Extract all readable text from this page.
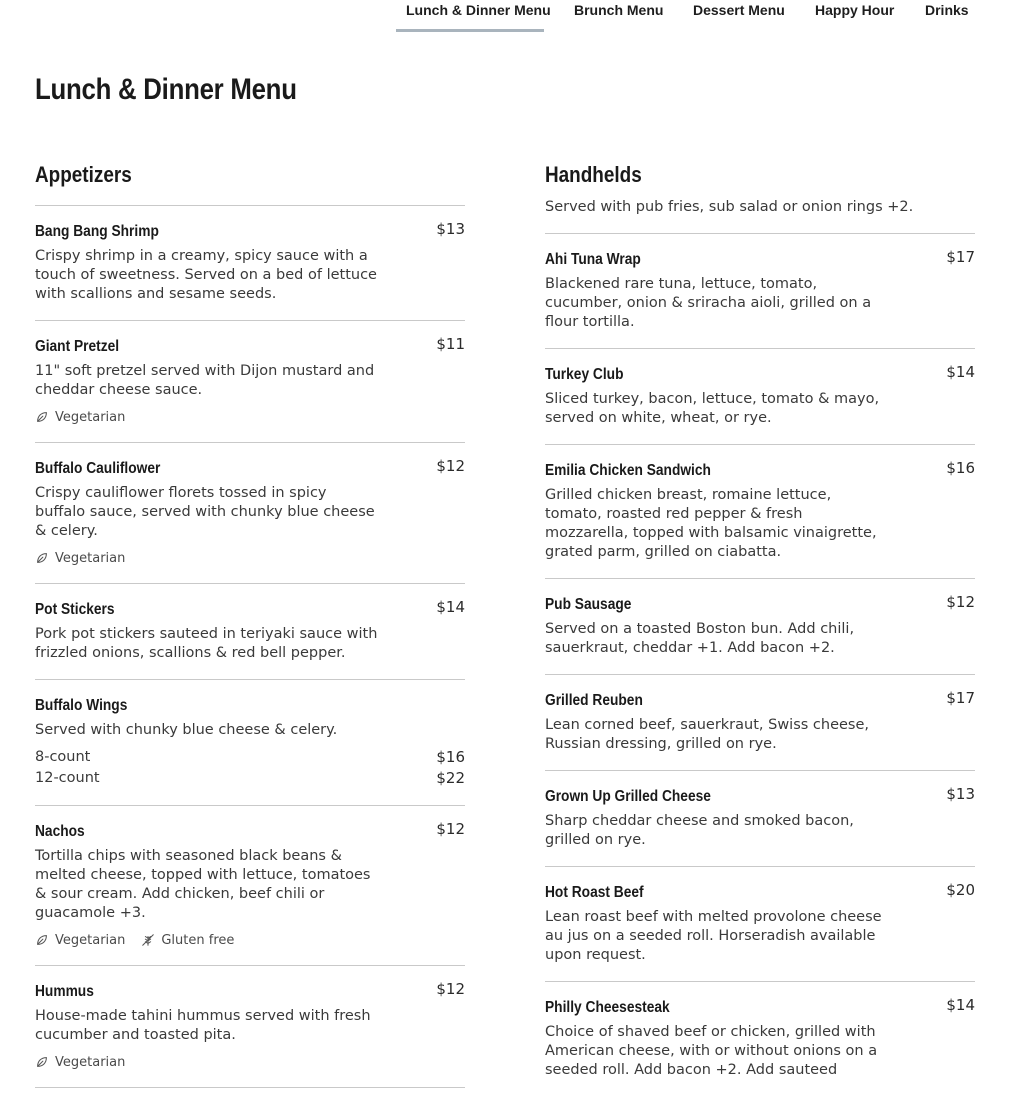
Lunch & Dinner Menu Brunch Menu Dessert Menu Happy Hour Drinks
Lunch & Dinner Menu
Appetizers
Bang Bang Shrimp	$13
Crispy shrimp in a creamy, spicy sauce with a touch of sweetness. Served on a bed of lettuce with scallions and sesame seeds.
Giant Pretzel	$11
11" soft pretzel served with Dijon mustard and cheddar cheese sauce.
Vegetarian
Buffalo Cauliflower	$12
Crispy cauliflower florets tossed in spicy buffalo sauce, served with chunky blue cheese & celery.
Vegetarian
Pot Stickers	$14
Pork pot stickers sauteed in teriyaki sauce with frizzled onions, scallions & red bell pepper.
Buffalo Wings
Served with chunky blue cheese & celery.
8-count	$16
12-count	$22
Nachos	$12
Tortilla chips with seasoned black beans & melted cheese, topped with lettuce, tomatoes & sour cream. Add chicken, beef chili or guacamole +3.
Vegetarian	Gluten free
Hummus	$12
House-made tahini hummus served with fresh cucumber and toasted pita.
Vegetarian
Handhelds
Served with pub fries, sub salad or onion rings +2.
Ahi Tuna Wrap	$17
Blackened rare tuna, lettuce, tomato, cucumber, onion & sriracha aioli, grilled on a flour tortilla.
Turkey Club	$14
Sliced turkey, bacon, lettuce, tomato & mayo, served on white, wheat, or rye.
Emilia Chicken Sandwich	$16
Grilled chicken breast, romaine lettuce, tomato, roasted red pepper & fresh mozzarella, topped with balsamic vinaigrette, grated parm, grilled on ciabatta.
Pub Sausage	$12
Served on a toasted Boston bun. Add chili, sauerkraut, cheddar +1. Add bacon +2.
Grilled Reuben	$17
Lean corned beef, sauerkraut, Swiss cheese, Russian dressing, grilled on rye.
Grown Up Grilled Cheese	$13
Sharp cheddar cheese and smoked bacon, grilled on rye.
Hot Roast Beef	$20
Lean roast beef with melted provolone cheese au jus on a seeded roll. Horseradish available upon request.
Philly Cheesesteak	$14
Choice of shaved beef or chicken, grilled with American cheese, with or without onions on a seeded roll. Add bacon +2. Add sauteed
